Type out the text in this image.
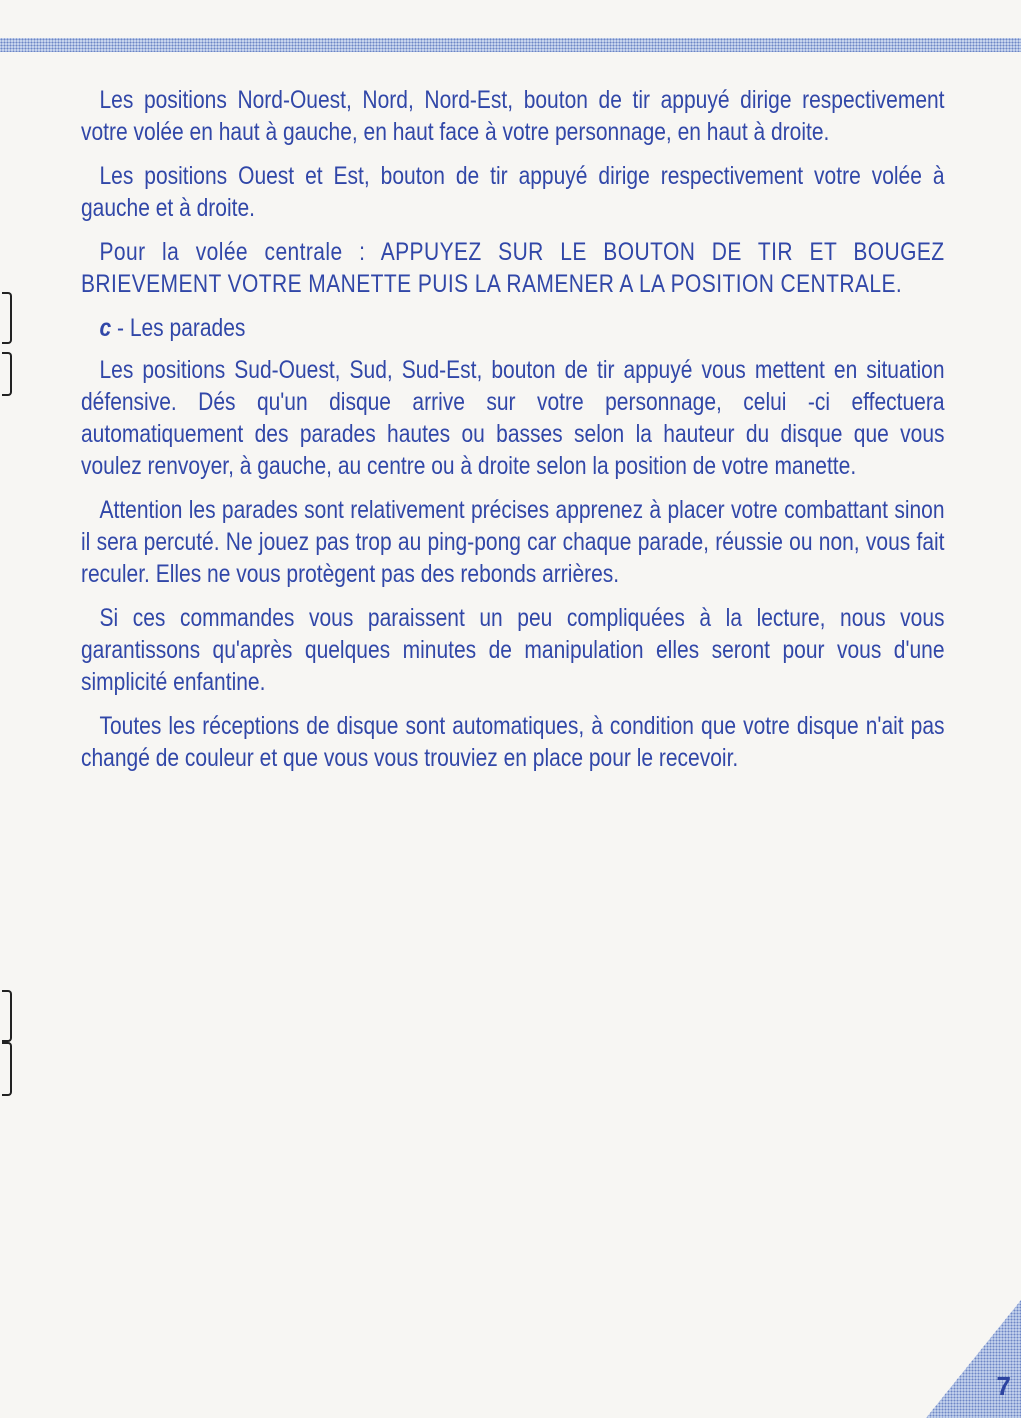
Les positions Nord-Ouest, Nord, Nord-Est, bouton de tir appuyé dirige respectivement votre volée en haut à gauche, en haut face à votre personnage, en haut à droite.

Les positions Ouest et Est, bouton de tir appuyé dirige respectivement votre volée à gauche et à droite.

Pour la volée centrale : APPUYEZ SUR LE BOUTON DE TIR ET BOUGEZ BRIEVEMENT VOTRE MANETTE PUIS LA RAMENER A LA POSITION CENTRALE.

c - Les parades

Les positions Sud-Ouest, Sud, Sud-Est, bouton de tir appuyé vous mettent en situation défensive. Dés qu'un disque arrive sur votre personnage, celui -ci effectuera automatiquement des parades hautes ou basses selon la hauteur du disque que vous voulez renvoyer, à gauche, au centre ou à droite selon la position de votre manette.

Attention les parades sont relativement précises apprenez à placer votre combattant sinon il sera percuté. Ne jouez pas trop au ping-pong car chaque parade, réussie ou non, vous fait reculer. Elles ne vous protègent pas des rebonds arrières.

Si ces commandes vous paraissent un peu compliquées à la lecture, nous vous garantissons qu'après quelques minutes de manipulation elles seront pour vous d'une simplicité enfantine.

Toutes les réceptions de disque sont automatiques, à condition que votre disque n'ait pas changé de couleur et que vous vous trouviez en place pour le recevoir.

7
